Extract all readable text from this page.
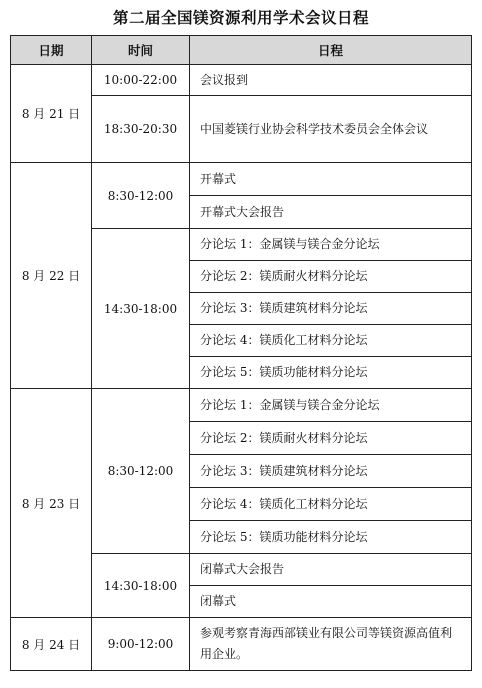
第二届全国镁资源利用学术会议日程
日期	时间	日程
8 月 21 日	10:00-22:00	会议报到
	18:30-20:30	中国菱镁行业协会科学技术委员会全体会议
8 月 22 日	8:30-12:00	开幕式
		开幕式大会报告
	14:30-18:00	分论坛 1：金属镁与镁合金分论坛
		分论坛 2：镁质耐火材料分论坛
		分论坛 3：镁质建筑材料分论坛
		分论坛 4：镁质化工材料分论坛
		分论坛 5：镁质功能材料分论坛
8 月 23 日	8:30-12:00	分论坛 1：金属镁与镁合金分论坛
		分论坛 2：镁质耐火材料分论坛
		分论坛 3：镁质建筑材料分论坛
		分论坛 4：镁质化工材料分论坛
		分论坛 5：镁质功能材料分论坛
	14:30-18:00	闭幕式大会报告
		闭幕式
8 月 24 日	9:00-12:00	参观考察青海西部镁业有限公司等镁资源高值利用企业。
